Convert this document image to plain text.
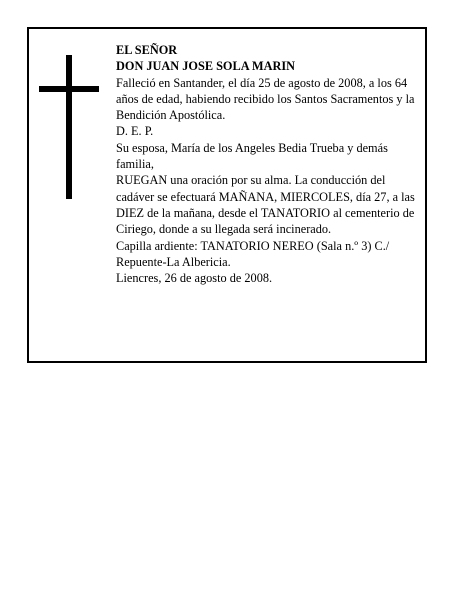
EL SEÑOR

DON JUAN JOSE SOLA MARIN

Falleció en Santander, el día 25 de agosto de 2008, a los 64 años de edad, habiendo recibido los Santos Sacramentos y la Bendición Apostólica.

D. E. P.

Su esposa, María de los Angeles Bedia Trueba y demás familia,

RUEGAN una oración por su alma. La conducción del cadáver se efectuará MAÑANA, MIERCOLES, día 27, a las DIEZ de la mañana, desde el TANATORIO al cementerio de Ciriego, donde a su llegada será incinerado.

Capilla ardiente: TANATORIO NEREO (Sala n.º 3) C./ Repuente-La Albericia.

Liencres, 26 de agosto de 2008.
